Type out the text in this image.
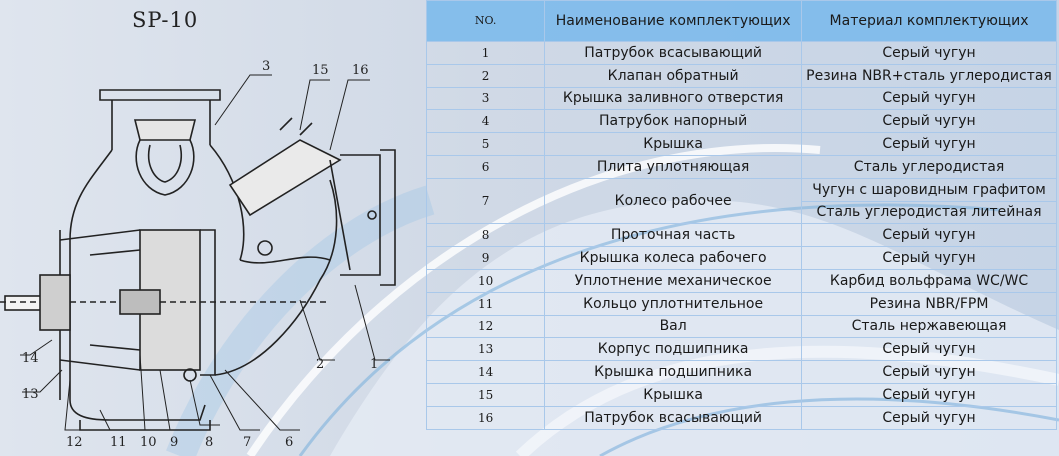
SP-10
3	15 16
14
13
12 11 10 9 8 7	6
2	1
NO.	Наименование комплектующих	Материал комплектующих
1	Патрубок всасывающий	Серый чугун
2	Клапан обратный	Резина NBR+сталь углеродистая
3	Крышка заливного отверстия	Серый чугун
4	Патрубок напорный	Серый чугун
5	Крышка	Серый чугун
6	Плита уплотняющая	Сталь углеродистая
7	Колесо рабочее	Чугун с шаровидным графитом
		Сталь углеродистая литейная
8	Проточная часть	Серый чугун
9	Крышка колеса рабочего	Серый чугун
10	Уплотнение механическое	Карбид вольфрама WC/WC
11	Кольцо уплотнительное	Резина NBR/FPM
12	Вал	Сталь нержавеющая
13	Корпус подшипника	Серый чугун
14	Крышка подшипника	Серый чугун
15	Крышка	Серый чугун
16	Патрубок всасывающий	Серый чугун
